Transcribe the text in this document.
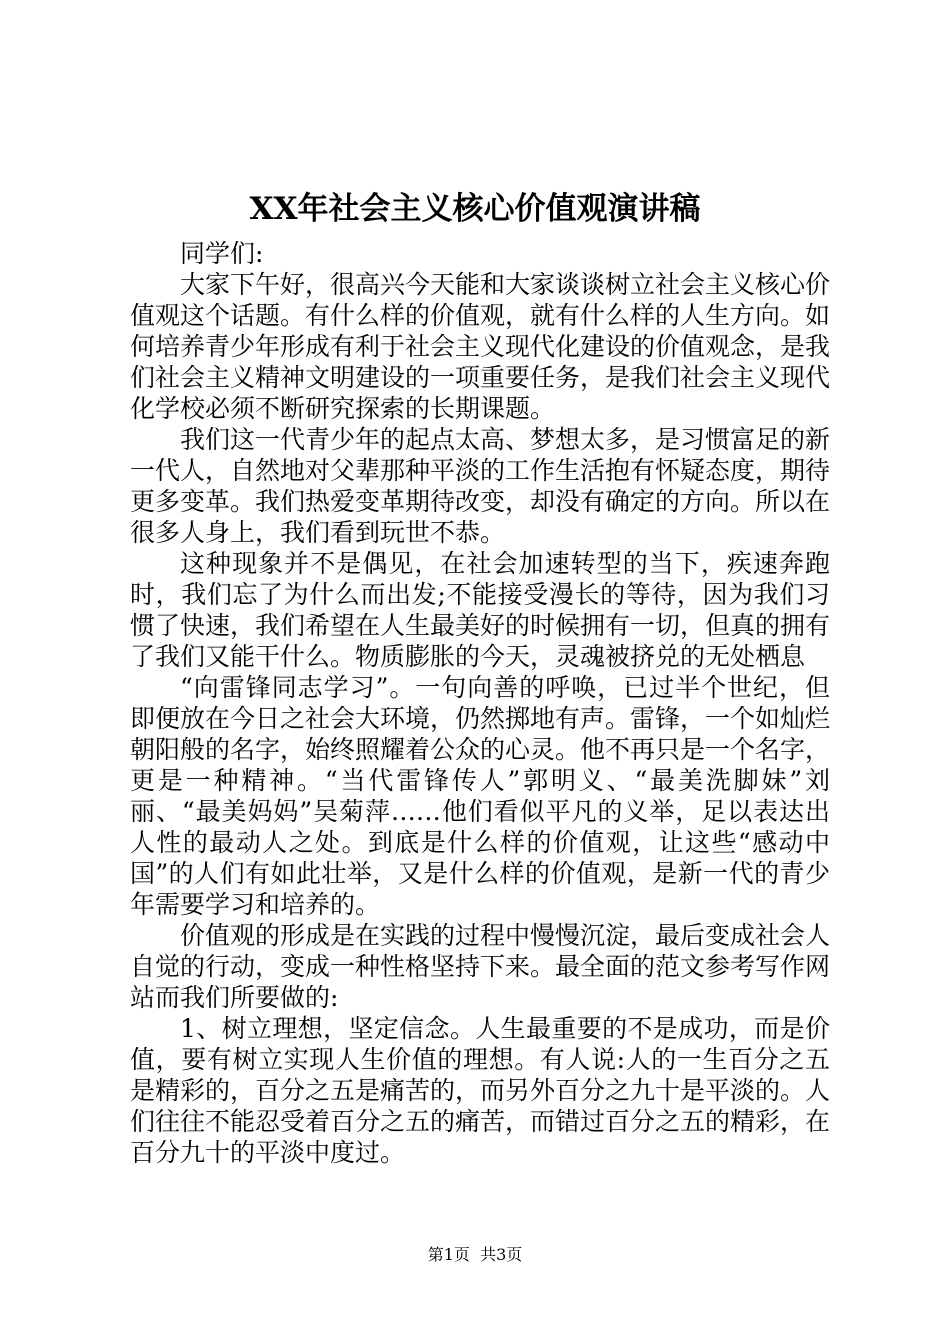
XX年社会主义核心价值观演讲稿

同学们:

大家下午好，很高兴今天能和大家谈谈树立社会主义核心价值观这个话题。有什么样的价值观，就有什么样的人生方向。如何培养青少年形成有利于社会主义现代化建设的价值观念，是我们社会主义精神文明建设的一项重要任务，是我们社会主义现代化学校必须不断研究探索的长期课题。

我们这一代青少年的起点太高、梦想太多，是习惯富足的新一代人，自然地对父辈那种平淡的工作生活抱有怀疑态度，期待更多变革。我们热爱变革期待改变，却没有确定的方向。所以在很多人身上，我们看到玩世不恭。

这种现象并不是偶见，在社会加速转型的当下，疾速奔跑时，我们忘了为什么而出发;不能接受漫长的等待，因为我们习惯了快速，我们希望在人生最美好的时候拥有一切，但真的拥有了我们又能干什么。物质膨胀的今天，灵魂被挤兑的无处栖息

“向雷锋同志学习”。一句向善的呼唤，已过半个世纪，但即便放在今日之社会大环境，仍然掷地有声。雷锋，一个如灿烂朝阳般的名字，始终照耀着公众的心灵。他不再只是一个名字，更是一种精神。“当代雷锋传人”郭明义、“最美洗脚妹”刘丽、“最美妈妈”吴菊萍……他们看似平凡的义举，足以表达出人性的最动人之处。到底是什么样的价值观，让这些“感动中国”的人们有如此壮举，又是什么样的价值观，是新一代的青少年需要学习和培养的。

价值观的形成是在实践的过程中慢慢沉淀，最后变成社会人自觉的行动，变成一种性格坚持下来。最全面的范文参考写作网站而我们所要做的:

1、树立理想，坚定信念。人生最重要的不是成功，而是价值，要有树立实现人生价值的理想。有人说:人的一生百分之五是精彩的，百分之五是痛苦的，而另外百分之九十是平淡的。人们往往不能忍受着百分之五的痛苦，而错过百分之五的精彩，在百分九十的平淡中度过。

第1页 共3页
